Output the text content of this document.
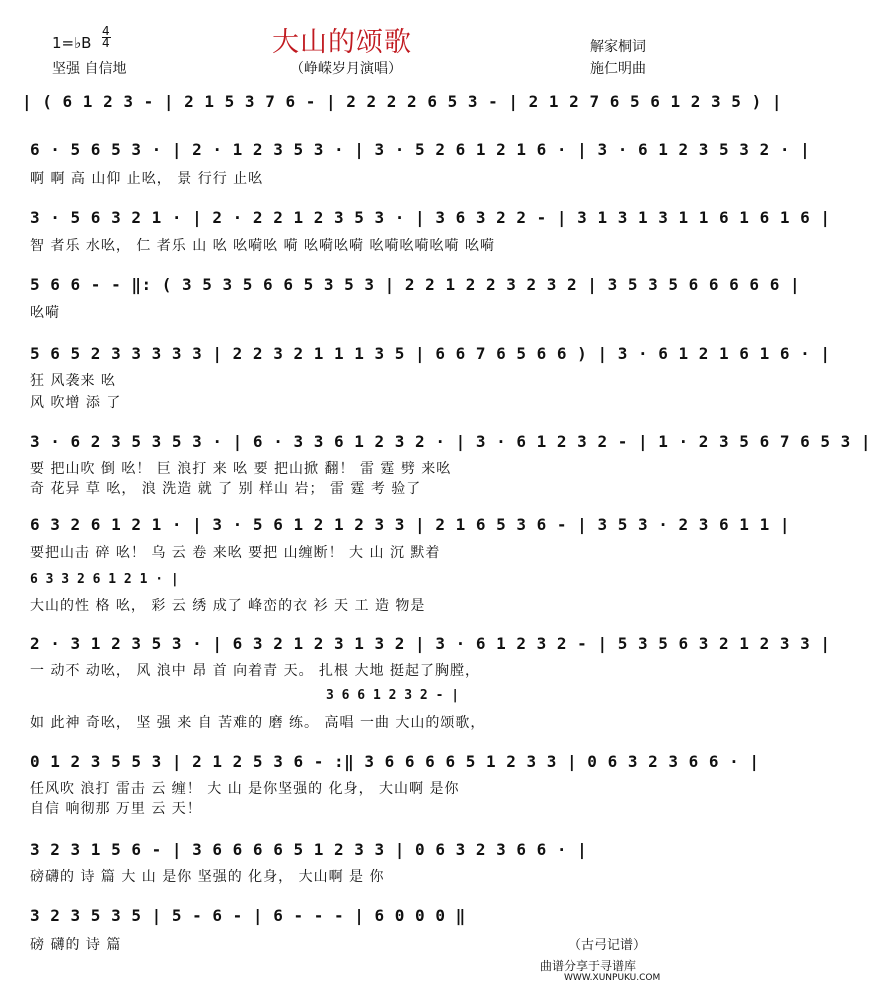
1=♭B
4
4
坚强 自信地
大山的颂歌
（峥嵘岁月演唱）
解家桐词
施仁明曲
| ( 6 1 2 3 - | 2 1 5 3 7 6 - | 2 2 2 2 6 5 3 - | 2 1 2 7 6 5 6 1 2 3 5 ) |
6 · 5 6 5 3 · | 2 · 1 2 3 5 3 · | 3 · 5 2 6 1 2 1 6 · | 3 · 6 1 2 3 5 3 2 · |
啊 啊 高 山仰 止吆， 景 行行 止吆
3 · 5 6 3 2 1 · | 2 · 2 2 1 2 3 5 3 · | 3 6 3 2 2 - | 3 1 3 1 3 1 1 6 1 6 1 6 |
智 者乐 水吆， 仁 者乐 山 吆 吆嗬吆 嗬 吆嗬吆嗬 吆嗬吆嗬吆嗬 吆嗬
5 6 6 - - ‖: ( 3 5 3 5 6 6 5 3 5 3 | 2 2 1 2 2 3 2 3 2 | 3 5 3 5 6 6 6 6 6 |
吆嗬
5 6 5 2 3 3 3 3 3 | 2 2 3 2 1 1 1 3 5 | 6 6 7 6 5 6 6 ) | 3 · 6 1 2 1 6 1 6 · |
狂 风袭来 吆
风 吹增 添 了
3 · 6 2 3 5 3 5 3 · | 6 · 3 3 6 1 2 3 2 · | 3 · 6 1 2 3 2 - | 1 · 2 3 5 6 7 6 5 3 |
要 把山吹 倒 吆！ 巨 浪打 来 吆 要 把山掀 翻！ 雷 霆 劈 来吆
奇 花异 草 吆， 浪 洗造 就 了 别 样山 岩； 雷 霆 考 验了
6 3 2 6 1 2 1 · | 3 · 5 6 1 2 1 2 3 3 | 2 1 6 5 3 6 - | 3 5 3 · 2 3 6 1 1 |
要把山击 碎 吆！ 乌 云 卷 来吆 要把 山缠断！ 大 山 沉 默着
6 3 3 2 6 1 2 1 · |
大山的性 格 吆， 彩 云 绣 成了 峰峦的衣 衫 天 工 造 物是
2 · 3 1 2 3 5 3 · | 6 3 2 1 2 3 1 3 2 | 3 · 6 1 2 3 2 - | 5 3 5 6 3 2 1 2 3 3 |
一 动不 动吆， 风 浪中 昂 首 向着青 天。 扎根 大地 挺起了胸膛，
3 6 6 1 2 3 2 - |
如 此神 奇吆， 坚 强 来 自 苦难的 磨 练。 高唱 一曲 大山的颂歌，
0 1 2 3 5 5 3 | 2 1 2 5 3 6 - :‖ 3 6 6 6 6 5 1 2 3 3 | 0 6 3 2 3 6 6 · |
任风吹 浪打 雷击 云 缠！ 大 山 是你坚强的 化身， 大山啊 是你
自信 响彻那 万里 云 天！
3 2 3 1 5 6 - | 3 6 6 6 6 5 1 2 3 3 | 0 6 3 2 3 6 6 · |
磅礴的 诗 篇 大 山 是你 坚强的 化身， 大山啊 是 你
3 2 3 5 3 5 | 5 - 6 - | 6 - - - | 6 0 0 0 ‖
磅 礴的 诗 篇	（古弓记谱）
曲谱分享于寻谱库
WWW.XUNPUKU.COM
